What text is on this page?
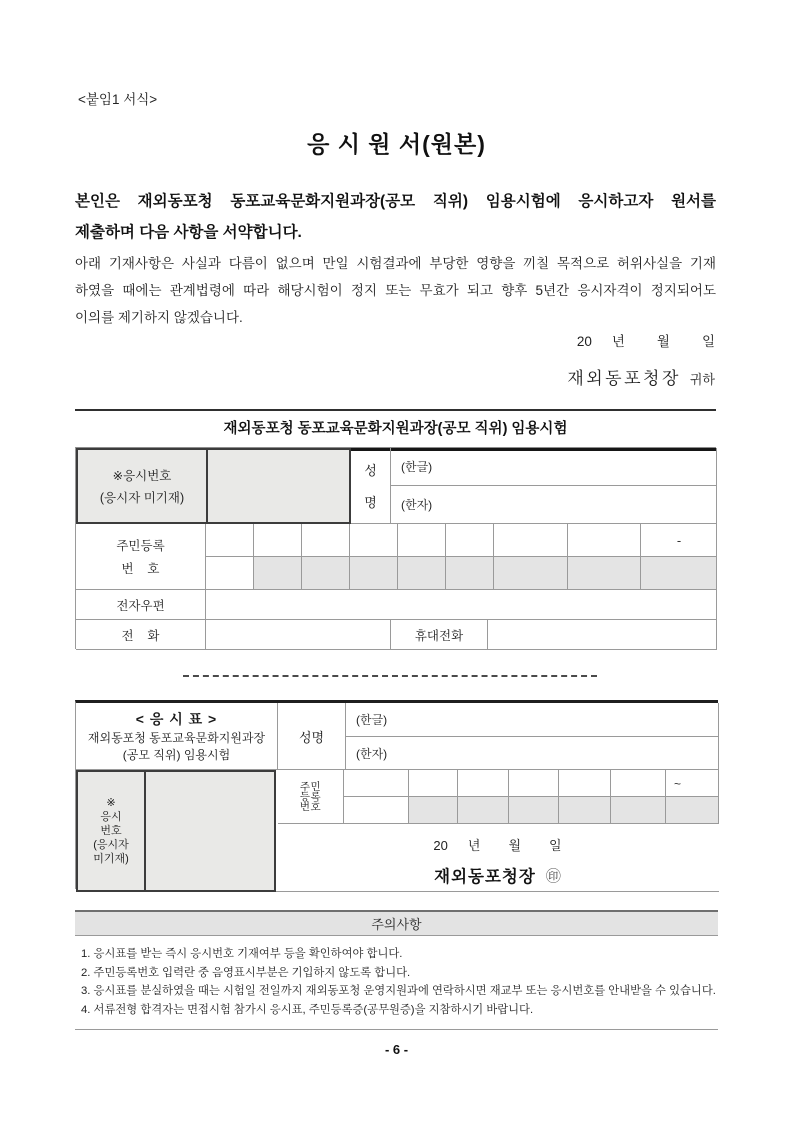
<붙임1 서식>
응 시 원 서(원본)
본인은 재외동포청 동포교육문화지원과장(공모 직위) 임용시험에 응시하고자 원서를
제출하며 다음 사항을 서약합니다.
아래 기재사항은 사실과 다름이 없으며 만일 시험결과에 부당한 영향을 끼칠 목적으로 허위사실을 기재
하였을 때에는 관계법령에 따라 해당시험이 정지 또는 무효가 되고 향후 5년간 응시자격이 정지되어도
이의를 제기하지 않겠습니다.
20 년 월 일
재외동포청장 귀하
재외동포청 동포교육문화지원과장(공모 직위) 임용시험
※응시번호
(응시자 미기재)
성
명
(한글)
(한자)
주민등록
번    호
-
전자우편
전    화	휴대전화
< 응 시 표 >
재외동포청 동포교육문화지원과장
(공모 직위) 임용시험
성명
(한글)
(한자)
※
응시
번호
(응시자
미기재)
주민
등록
번호
~
20 년 월 일
재외동포청장 ㊞
주의사항

1. 응시표를 받는 즉시 응시번호 기재여부 등을 확인하여야 합니다.

2. 주민등록번호 입력란 중 음영표시부분은 기입하지 않도록 합니다.

3. 응시표를 분실하였을 때는 시험일 전일까지 재외동포청 운영지원과에 연락하시면 재교부 또는 응시번호를 안내받을 수 있습니다.

4. 서류전형 합격자는 면접시험 참가시 응시표, 주민등록증(공무원증)을 지참하시기 바랍니다.

- 6 -
